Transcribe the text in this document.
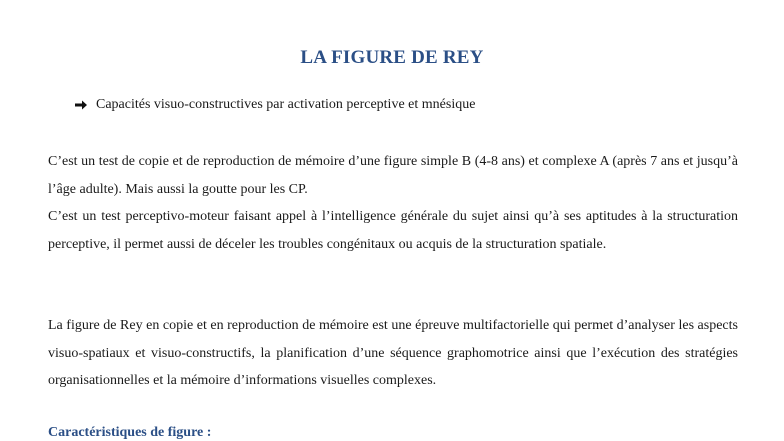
LA FIGURE DE REY
Capacités visuo-constructives par activation perceptive et mnésique

C’est un test de copie et de reproduction de mémoire d’une figure simple B (4-8 ans) et complexe A (après 7 ans et jusqu’à l’âge adulte). Mais aussi la goutte pour les CP.

C’est un test perceptivo-moteur faisant appel à l’intelligence générale du sujet ainsi qu’à ses aptitudes à la structuration perceptive, il permet aussi de déceler les troubles congénitaux ou acquis de la structuration spatiale.

La figure de Rey en copie et en reproduction de mémoire est une épreuve multifactorielle qui permet d’analyser les aspects visuo-spatiaux et visuo-constructifs, la planification d’une séquence graphomotrice ainsi que l’exécution des stratégies organisationnelles et la mémoire d’informations visuelles complexes.

Caractéristiques de figure :
